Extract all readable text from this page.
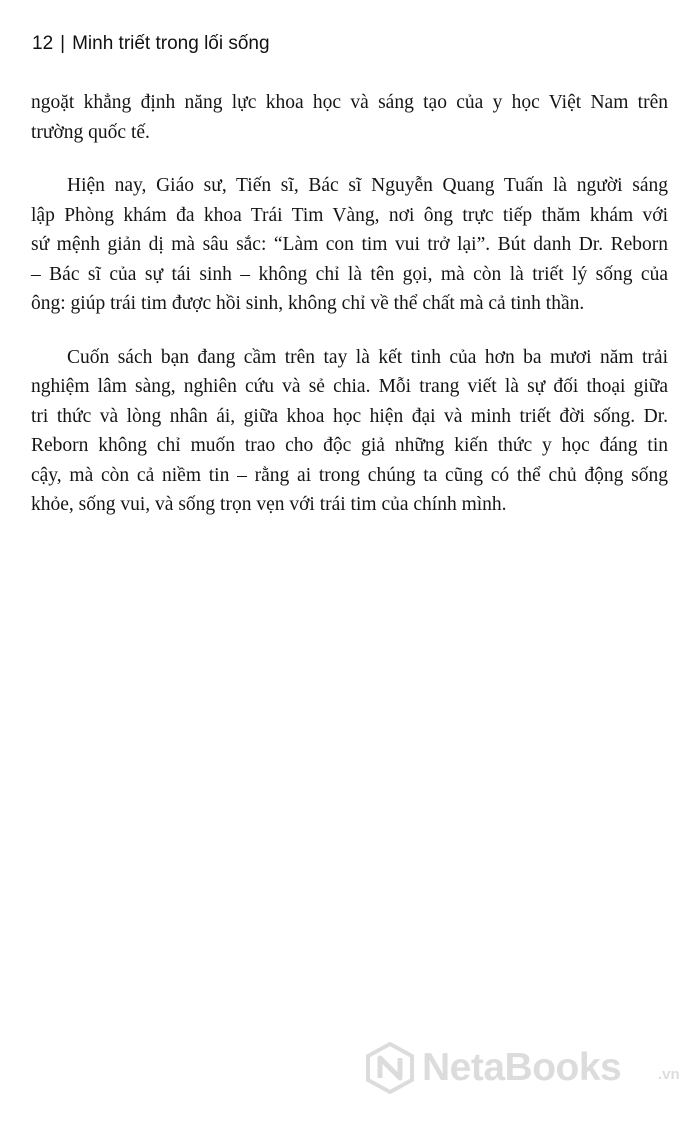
12 | Minh triết trong lối sống

ngoặt khẳng định năng lực khoa học và sáng tạo của y học Việt Nam trên
trường quốc tế.

Hiện nay, Giáo sư, Tiến sĩ, Bác sĩ Nguyễn Quang Tuấn là người sáng
lập Phòng khám đa khoa Trái Tim Vàng, nơi ông trực tiếp thăm khám với
sứ mệnh giản dị mà sâu sắc: “Làm con tim vui trở lại”. Bút danh Dr. Reborn
– Bác sĩ của sự tái sinh – không chỉ là tên gọi, mà còn là triết lý sống của
ông: giúp trái tim được hồi sinh, không chỉ về thể chất mà cả tinh thần.

Cuốn sách bạn đang cầm trên tay là kết tinh của hơn ba mươi năm trải
nghiệm lâm sàng, nghiên cứu và sẻ chia. Mỗi trang viết là sự đối thoại giữa
tri thức và lòng nhân ái, giữa khoa học hiện đại và minh triết đời sống. Dr.
Reborn không chỉ muốn trao cho độc giả những kiến thức y học đáng tin
cậy, mà còn cả niềm tin – rằng ai trong chúng ta cũng có thể chủ động sống
khỏe, sống vui, và sống trọn vẹn với trái tim của chính mình.

NetaBooks .vn
